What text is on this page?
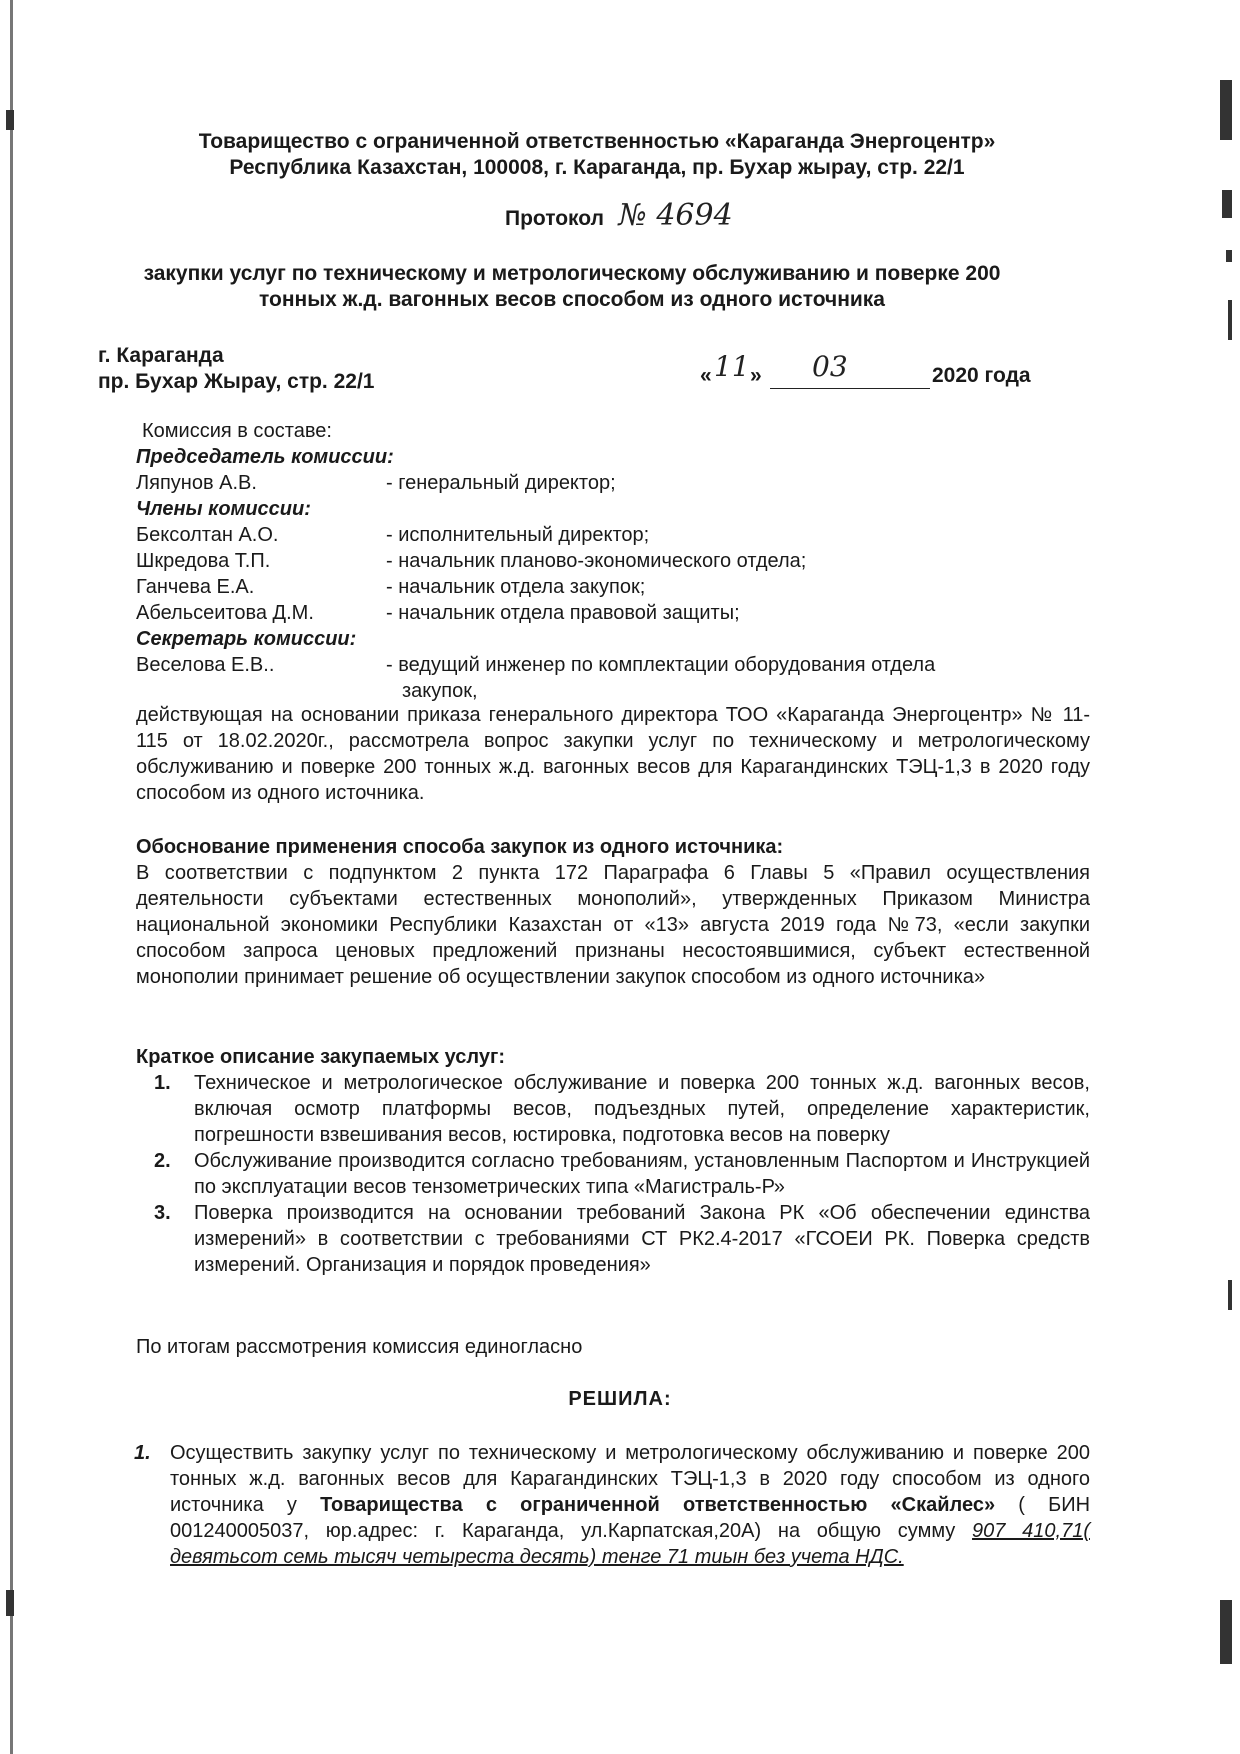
Товарищество с ограниченной ответственностью «Караганда Энергоцентр»
Республика Казахстан, 100008, г. Караганда, пр. Бухар жырау, стр. 22/1
Протокол № 4694
закупки услуг по техническому и метрологическому обслуживанию и поверке 200
тонных ж.д. вагонных весов способом из одного источника
г. Караганда
пр. Бухар Жырау, стр. 22/1	« 11 » 03	2020 года
Комиссия в составе:
Председатель комиссии:
Ляпунов А.В.	- генеральный директор;
Члены комиссии:
Бексолтан А.О.	- исполнительный директор;
Шкредова Т.П.	- начальник планово-экономического отдела;
Ганчева Е.А.	- начальник отдела закупок;
Абельсеитова Д.М.	- начальник отдела правовой защиты;
Секретарь комиссии:
Веселова Е.В..	- ведущий инженер по комплектации оборудования отдела
закупок,
действующая на основании приказа генерального директора ТОО «Караганда Энергоцентр» № 11-115 от 18.02.2020г., рассмотрела вопрос закупки услуг по техническому и метрологическому обслуживанию и поверке 200 тонных ж.д. вагонных весов для Карагандинских ТЭЦ-1,3 в 2020 году способом из одного источника.
Обоснование применения способа закупок из одного источника:
В соответствии с подпунктом 2 пункта 172 Параграфа 6 Главы 5 «Правил осуществления деятельности субъектами естественных монополий», утвержденных Приказом Министра национальной экономики Республики Казахстан от «13» августа 2019 года №73, «если закупки способом запроса ценовых предложений признаны несостоявшимися, субъект естественной монополии принимает решение об осуществлении закупок способом из одного источника»
Краткое описание закупаемых услуг:
1. Техническое и метрологическое обслуживание и поверка 200 тонных ж.д. вагонных весов, включая осмотр платформы весов, подъездных путей, определение характеристик, погрешности взвешивания весов, юстировка, подготовка весов на поверку
2. Обслуживание производится согласно требованиям, установленным Паспортом и Инструкцией по эксплуатации весов тензометрических типа «Магистраль-Р»
3. Поверка производится на основании требований Закона РК «Об обеспечении единства измерений» в соответствии с требованиями СТ РК2.4-2017 «ГСОЕИ РК. Поверка средств измерений. Организация и порядок проведения»
По итогам рассмотрения комиссия единогласно
РЕШИЛА:
1. Осуществить закупку услуг по техническому и метрологическому обслуживанию и поверке 200 тонных ж.д. вагонных весов для Карагандинских ТЭЦ-1,3 в 2020 году способом из одного источника у Товарищества с ограниченной ответственностью «Скайлес» ( БИН 001240005037, юр.адрес: г. Караганда, ул.Карпатская,20А) на общую сумму 907 410,71( девятьсот семь тысяч четыреста десять) тенге 71 тиын без учета НДС.
